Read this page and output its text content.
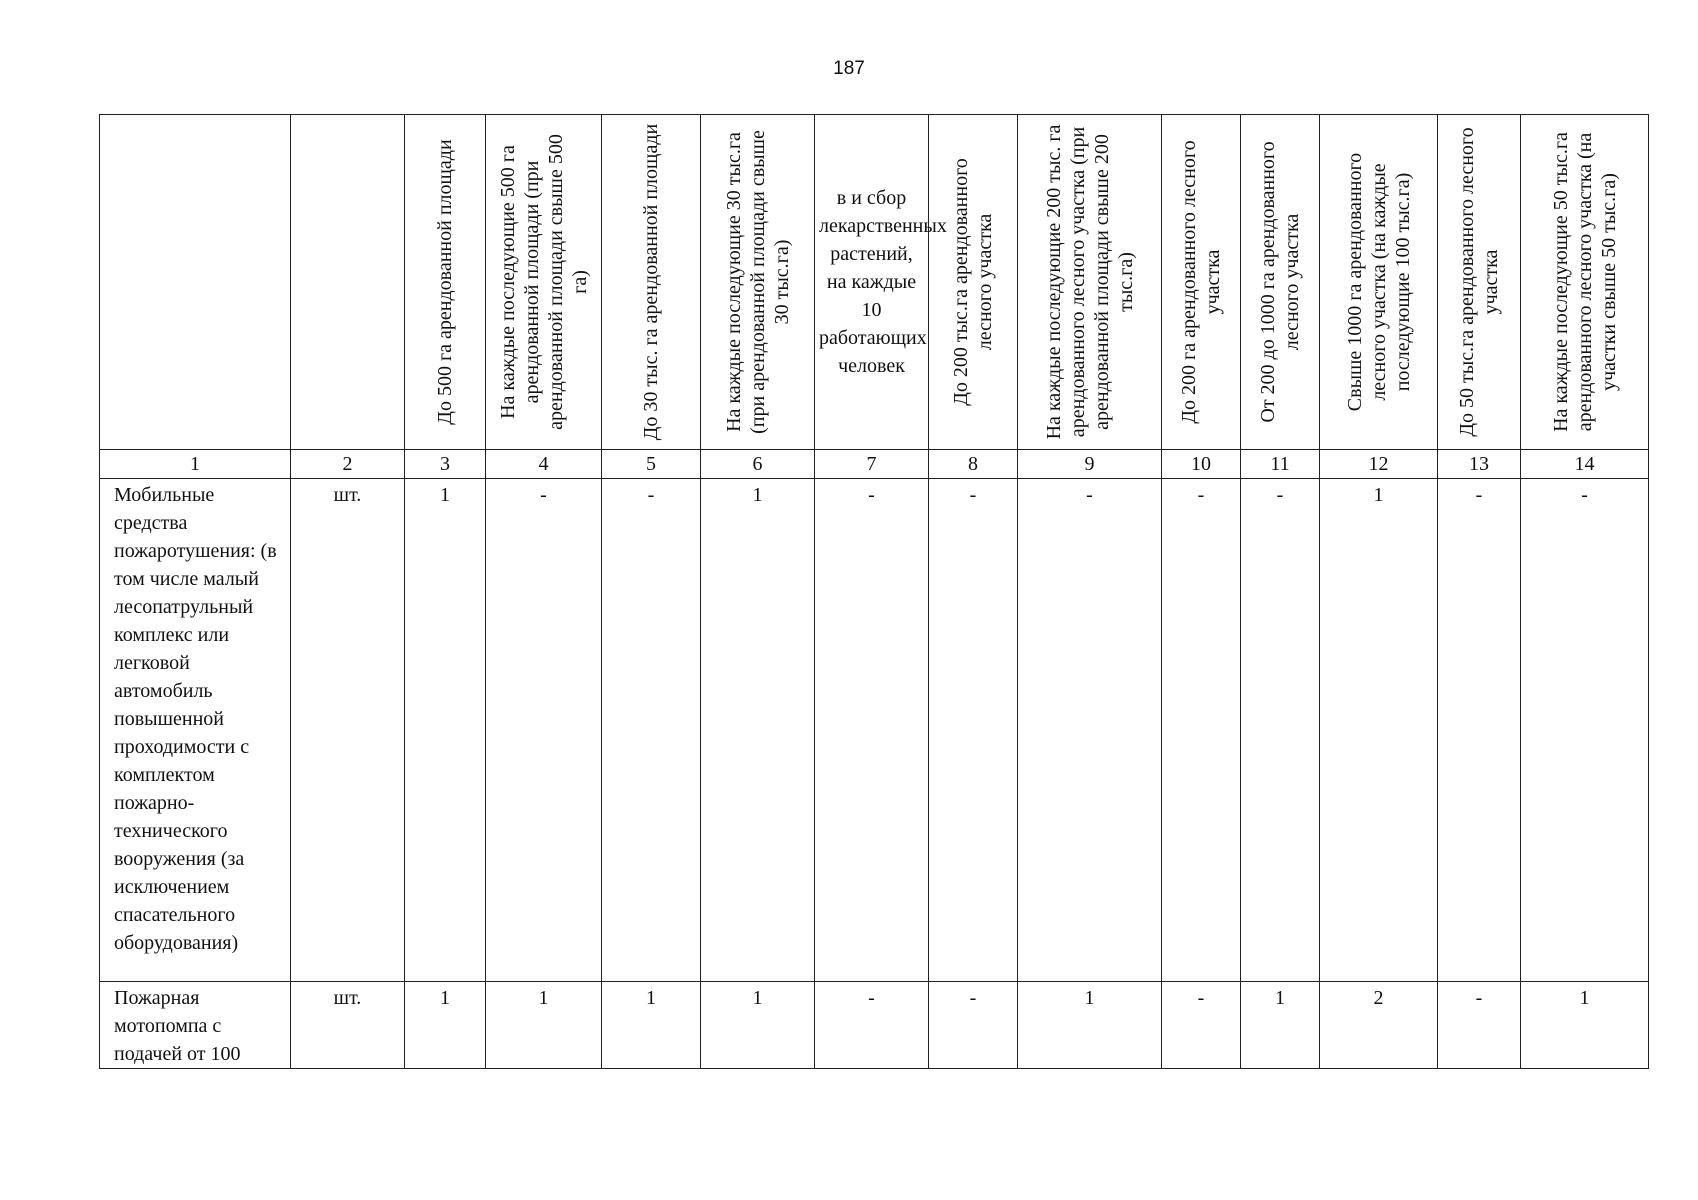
187

		До 500 га арендованной площади	На каждые последующие 500 га арендованной площади (при арендованной площади свыше 500 га)	До 30 тыс. га арендованной площади	На каждые последующие 30 тыс.га (при арендованной площади свыше 30 тыс.га)	в и сбор лекарственных растений, на каждые 10 работающих человек	До 200 тыс.га арендованного лесного участка	На каждые последующие 200 тыс. га арендованного лесного участка (при арендованной площади свыше 200 тыс.га)	До 200 га арендованного лесного участка	От 200 до 1000 га арендованного лесного участка	Свыше 1000 га арендованного лесного участка (на каждые последующие 100 тыс.га)	До 50 тыс.га арендованного лесного участка	На каждые последующие 50 тыс.га арендованного лесного участка (на участки свыше 50 тыс.га)

1	2	3	4	5	6	7	8	9	10	11	12	13	14
Мобильные средства пожаротушения: (в том числе малый лесопатрульный комплекс или легковой автомобиль повышенной проходимости с комплектом пожарно-технического вооружения (за исключением спасательного оборудования)	шт.	1	-	-	1	-	-	-	-	-	1	-	-
Пожарная мотопомпа с подачей от 100	шт.	1	1	1	1	-	-	1	-	1	2	-	1
